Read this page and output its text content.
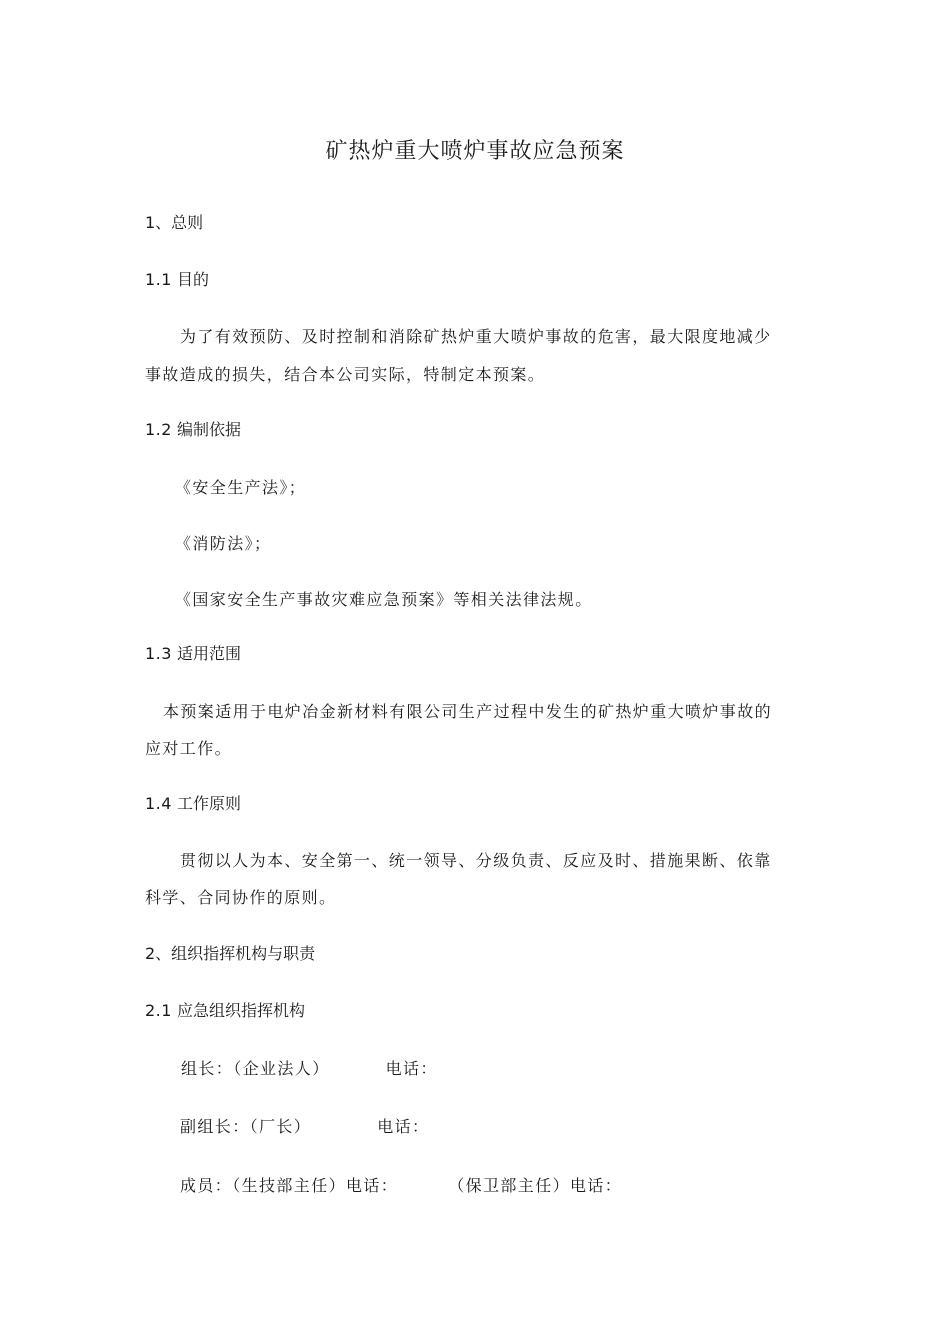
矿热炉重大喷炉事故应急预案
1、总则
1.1 目的
为了有效预防、及时控制和消除矿热炉重大喷炉事故的危害，最大限度地减少
事故造成的损失，结合本公司实际，特制定本预案。
1.2 编制依据
《安全生产法》；
《消防法》；
《国家安全生产事故灾难应急预案》等相关法律法规。
1.3 适用范围
本预案适用于电炉冶金新材料有限公司生产过程中发生的矿热炉重大喷炉事故的
应对工作。
1.4 工作原则
贯彻以人为本、安全第一、统一领导、分级负责、反应及时、措施果断、依靠
科学、合同协作的原则。
2、组织指挥机构与职责
2.1 应急组织指挥机构
组长：（企业法人）	电话：
副组长：（厂长）	电话：
成员：（生技部主任）电话：	（保卫部主任）电话：
